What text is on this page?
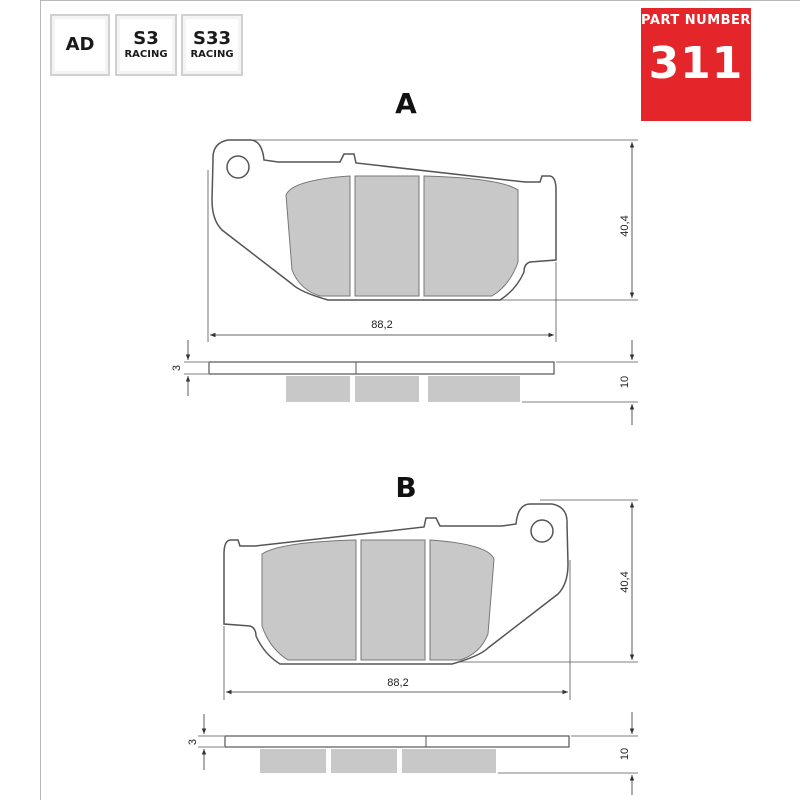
AD S3
RACING
S33
RACING
PART NUMBER
311
A
40,4
88,2
3
10
B
40,4
88,2
3
10
